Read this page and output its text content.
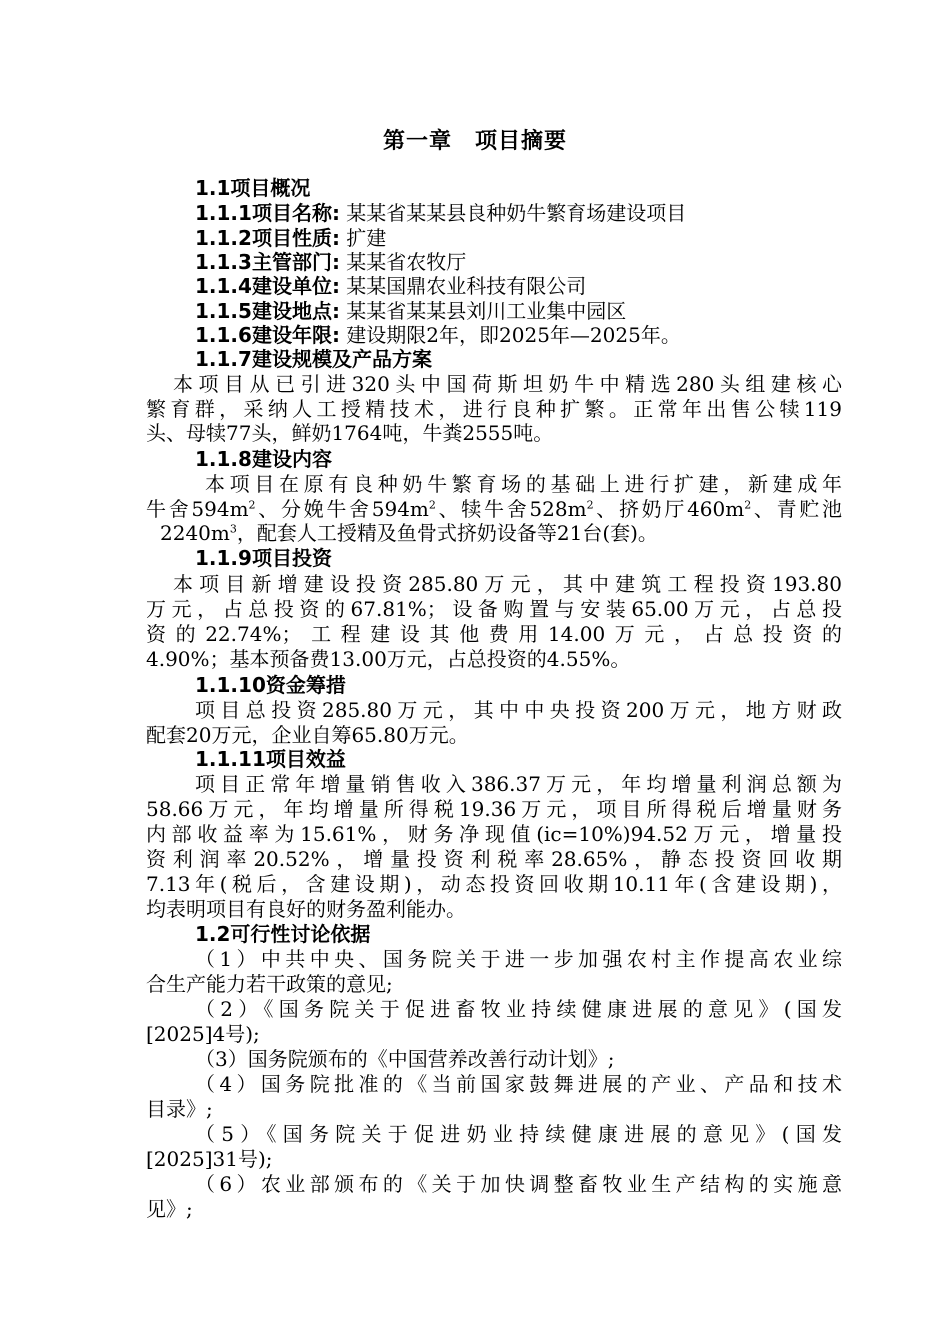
第一章　项目摘要
1.1项目概况
1.1.1项目名称: 某某省某某县良种奶牛繁育场建设项目
1.1.2项目性质: 扩建
1.1.3主管部门: 某某省农牧厅
1.1.4建设单位: 某某国鼎农业科技有限公司
1.1.5建设地点: 某某省某某县刘川工业集中园区
1.1.6建设年限: 建设期限2年，即2025年—2025年。
1.1.7建设规模及产品方案
本项目从已引进320头中国荷斯坦奶牛中精选280头组建核心
繁育群，采纳人工授精技术，进行良种扩繁。正常年出售公犊119
头、母犊77头，鲜奶1764吨，牛粪2555吨。
1.1.8建设内容
本项目在原有良种奶牛繁育场的基础上进行扩建，新建成年
牛舍$594m^2$、分娩牛舍$594m^2$、犊牛舍$528m^2$、挤奶厅$460m^2$、青贮池
$2240m^3$，配套人工授精及鱼骨式挤奶设备等21台(套)。
1.1.9项目投资
本项目新增建设投资285.80万元，其中建筑工程投资193.80
万元，占总投资的67.81%；设备购置与安装65.00万元，占总投
资的22.74%；工程建设其他费用14.00万元，占总投资的
4.90%；基本预备费13.00万元，占总投资的4.55%。
1.1.10资金筹措
项目总投资285.80万元，其中中央投资200万元，地方财政
配套20万元，企业自筹65.80万元。
1.1.11项目效益
项目正常年增量销售收入386.37万元，年均增量利润总额为
58.66万元，年均增量所得税19.36万元，项目所得税后增量财务
内部收益率为15.61%，财务净现值(ic=10%)94.52万元，增量投
资利润率20.52%，增量投资利税率28.65%，静态投资回收期
7.13年(税后，含建设期)，动态投资回收期10.11年(含建设期)，
均表明项目有良好的财务盈利能办。
1.2可行性讨论依据
（1）中共中央、国务院关于进一步加强农村主作提高农业综
合生产能力若干政策的意见;
（2）《国务院关于促进畜牧业持续健康进展的意见》(国发
[2025]4号);
（3）国务院颁布的《中国营养改善行动计划》;
（4）国务院批准的《当前国家鼓舞进展的产业、产品和技术
目录》;
（5）《国务院关于促进奶业持续健康进展的意见》(国发
[2025]31号);
（6）农业部颁布的《关于加快调整畜牧业生产结构的实施意
见》;
